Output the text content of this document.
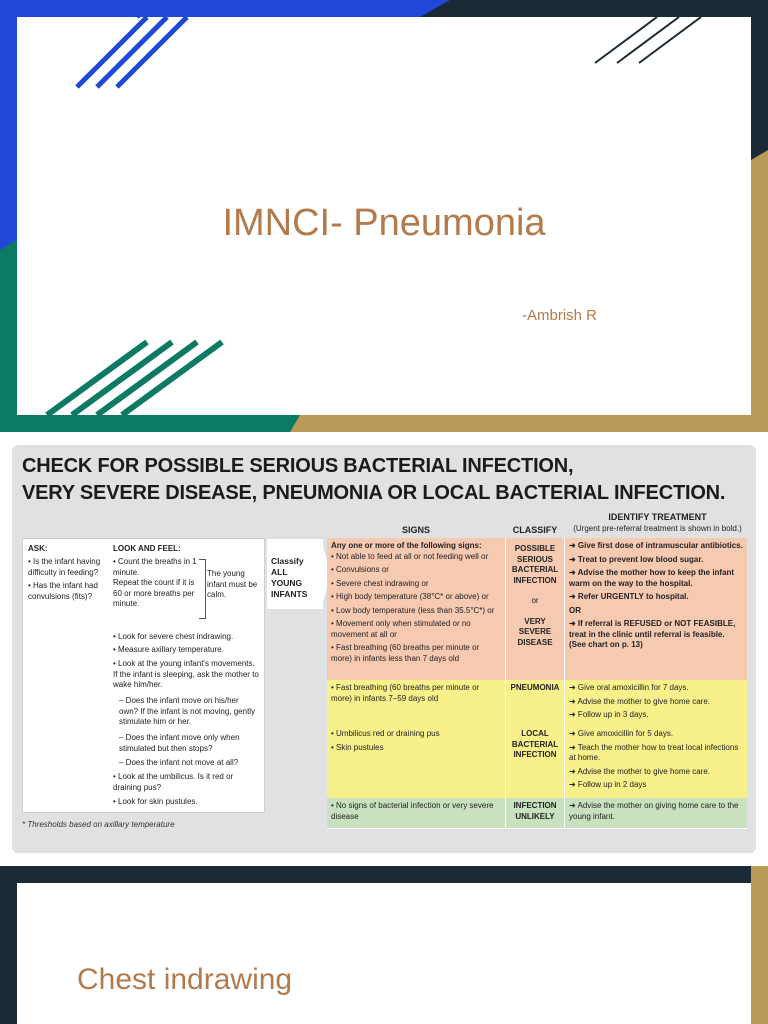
IMNCI- Pneumonia
-Ambrish R
CHECK FOR POSSIBLE SERIOUS BACTERIAL INFECTION,
VERY SEVERE DISEASE, PNEUMONIA OR LOCAL BACTERIAL INFECTION.
IDENTIFY TREATMENT
(Urgent pre-referral treatment is shown in bold.)
SIGNS	CLASSIFY
ASK:
• Is the infant having difficulty in feeding?
• Has the infant had convulsions (fits)?
LOOK AND FEEL:
• Count the breaths in 1 minute.
Repeat the count if it is 60 or more breaths per minute.
The young infant must be calm.
• Look for severe chest indrawing.
• Measure axillary temperature.
• Look at the young infant's movements. If the infant is sleeping, ask the mother to wake him/her.
– Does the infant move on his/her own? If the infant is not moving, gently stimulate him or her.
– Does the infant move only when stimulated but then stops?
– Does the infant not move at all?
• Look at the umbilicus. Is it red or draining pus?
• Look for skin pustules.
Classify ALL YOUNG INFANTS
Any one or more of the following signs:
• Not able to feed at all or not feeding well or
• Convulsions or
• Severe chest indrawing or
• High body temperature (38°C* or above) or
• Low body temperature (less than 35.5°C*) or
• Movement only when stimulated or no movement at all or
• Fast breathing (60 breaths per minute or more) in infants less than 7 days old
POSSIBLE SERIOUS BACTERIAL INFECTION
or
VERY SEVERE DISEASE
➜ Give first dose of intramuscular antibiotics.
➜ Treat to prevent low blood sugar.
➜ Advise the mother how to keep the infant warm on the way to the hospital.
➜ Refer URGENTLY to hospital.
OR
➜ If referral is REFUSED or NOT FEASIBLE, treat in the clinic until referral is feasible. (See chart on p. 13)
• Fast breathing (60 breaths per minute or more) in infants 7–59 days old
PNEUMONIA ➜ Give oral amoxicillin for 7 days.
➜ Advise the mother to give home care.
➜ Follow up in 3 days.
• Umbilicus red or draining pus
• Skin pustules
LOCAL BACTERIAL INFECTION
➜ Give amoxicillin for 5 days.
➜ Teach the mother how to treat local infections at home.
➜ Advise the mother to give home care.
➜ Follow up in 2 days
• No signs of bacterial infection or very severe disease
INFECTION UNLIKELY
➜ Advise the mother on giving home care to the young infant.
* Thresholds based on axillary temperature
Chest indrawing
